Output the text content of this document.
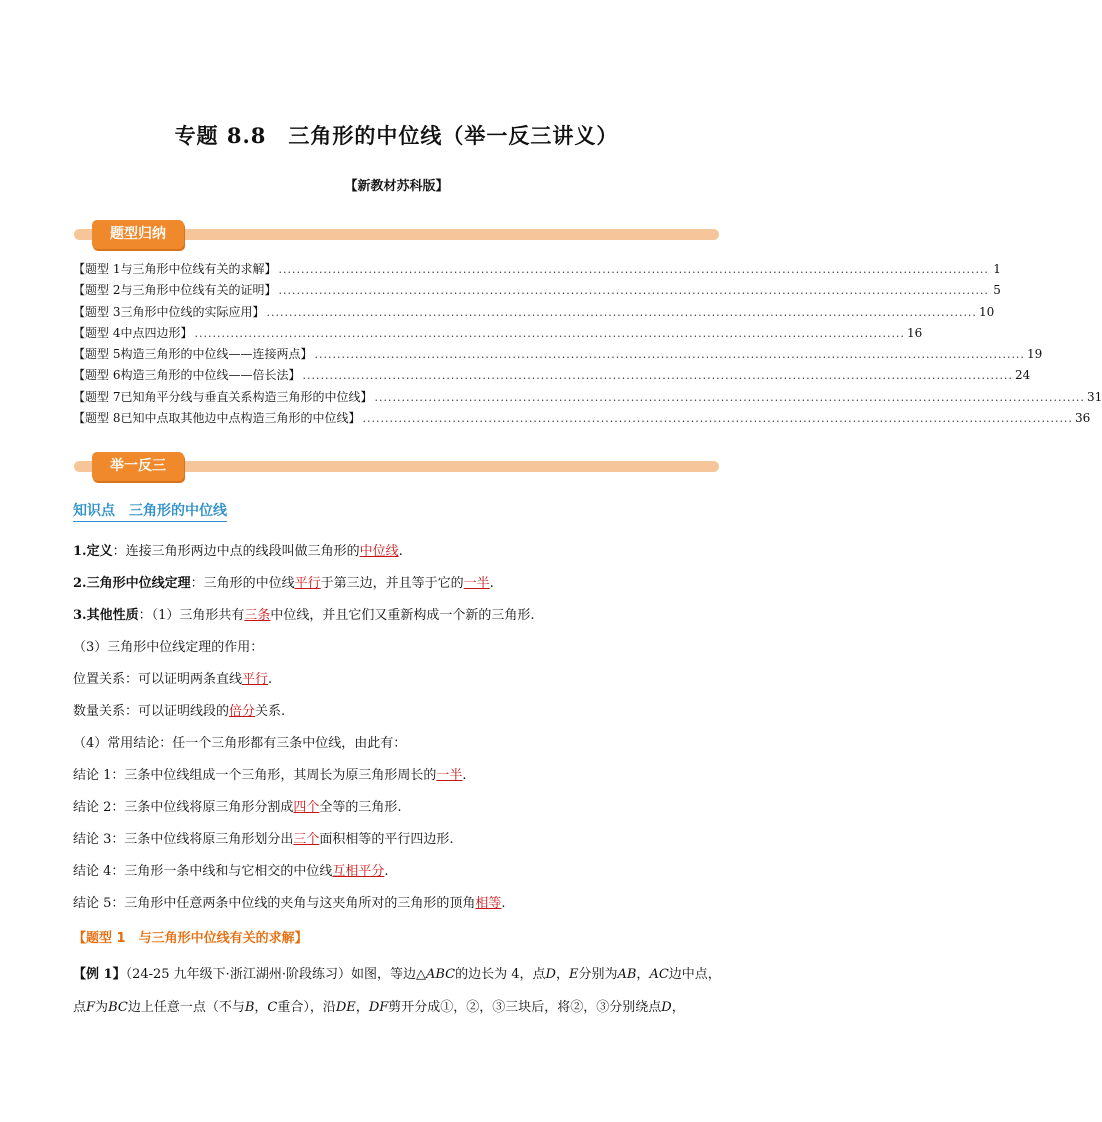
专题 8.8　三角形的中位线（举一反三讲义）
【新教材苏科版】
题型归纳
【题型 1 与三角形中位线有关的求解】 .............................................................................................................................................................. 1
【题型 2 与三角形中位线有关的证明】 .............................................................................................................................................................. 5
【题型 3 三角形中位线的实际应用】 .............................................................................................................................................................. 10
【题型 4 中点四边形】 .............................................................................................................................................................. 16
【题型 5 构造三角形的中位线——连接两点】 .............................................................................................................................................................. 19
【题型 6 构造三角形的中位线——倍长法】 .............................................................................................................................................................. 24
【题型 7 已知角平分线与垂直关系构造三角形的中位线】 .............................................................................................................................................................. 31
【题型 8 已知中点取其他边中点构造三角形的中位线】 .............................................................................................................................................................. 36
举一反三
知识点　三角形的中位线
1.定义：连接三角形两边中点的线段叫做三角形的中位线.
2.三角形中位线定理：三角形的中位线平行于第三边，并且等于它的一半.
3.其他性质：（1）三角形共有三条中位线，并且它们又重新构成一个新的三角形.
（3）三角形中位线定理的作用：
位置关系：可以证明两条直线平行.
数量关系：可以证明线段的倍分关系.
（4）常用结论：任一个三角形都有三条中位线，由此有：
结论 1：三条中位线组成一个三角形，其周长为原三角形周长的一半.
结论 2：三条中位线将原三角形分割成四个全等的三角形.
结论 3：三条中位线将原三角形划分出三个面积相等的平行四边形.
结论 4：三角形一条中线和与它相交的中位线互相平分.
结论 5：三角形中任意两条中位线的夹角与这夹角所对的三角形的顶角相等.
【题型 1　与三角形中位线有关的求解】
【例 1】（24-25 九年级下·浙江湖州·阶段练习）如图，等边△ABC的边长为 4，点D，E分别为AB，AC边中点，
点F为BC边上任意一点（不与B，C重合），沿DE，DF剪开分成①，②，③三块后，将②，③分别绕点D，
